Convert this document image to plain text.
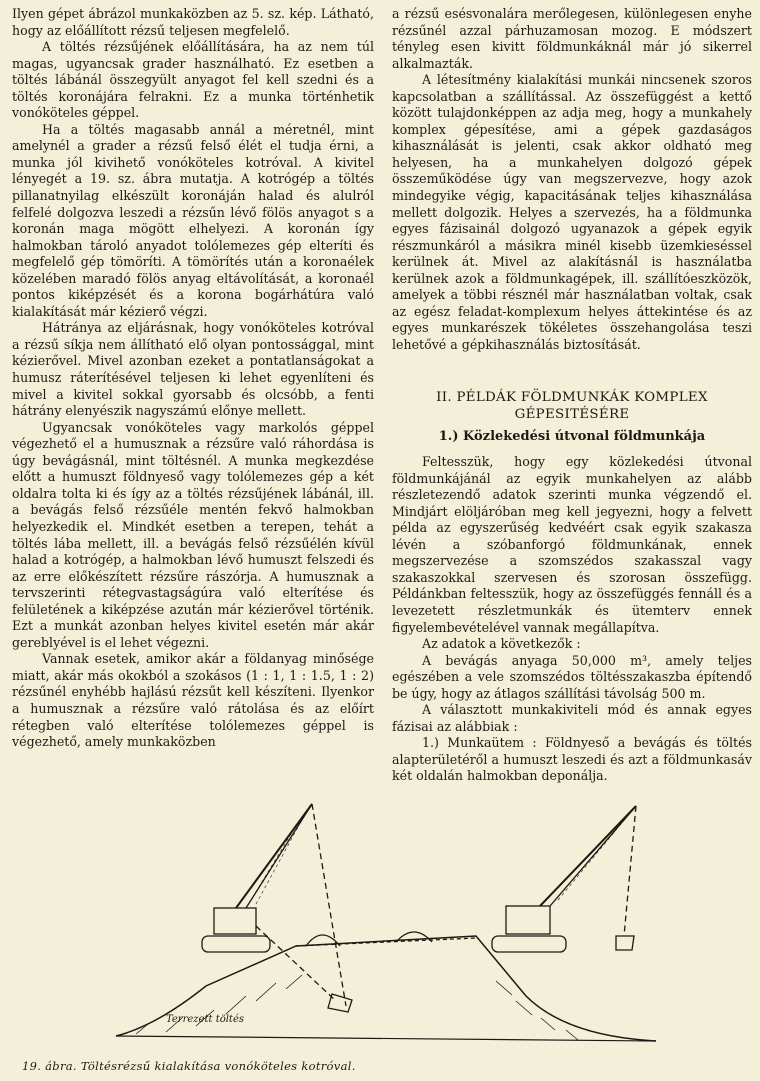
Ilyen gépet ábrázol munkaközben az 5. sz. kép. Látható, hogy az előállított rézsű teljesen megfelelő.

A töltés rézsűjének előállítására, ha az nem túl magas, ugyancsak grader használható. Ez esetben a töltés lábánál összegyült anyagot fel kell szedni és a töltés koronájára felrakni. Ez a munka történhetik vonóköteles géppel.

Ha a töltés magasabb annál a méretnél, mint amelynél a grader a rézsű felső élét el tudja érni, a munka jól kivihető vonóköteles kotróval. A kivitel lényegét a 19. sz. ábra mutatja. A kotrógép a töltés pillanatnyilag elkészült koronáján halad és alulról felfelé dolgozva leszedi a rézsűn lévő fölös anyagot s a koronán maga mögött elhelyezi. A koronán így halmokban tároló anyadot tolólemezes gép elteríti és megfelelő gép tömöríti. A tömörítés után a koronaélek közelében maradó fölös anyag eltávolítását, a koronaél pontos kiképzését és a korona bogárhátúra való kialakítását már kézierő végzi.

Hátránya az eljárásnak, hogy vonóköteles kotróval a rézsű síkja nem állítható elő olyan pontossággal, mint kézierővel. Mivel azonban ezeket a pontatlanságokat a humusz ráterítésével teljesen ki lehet egyenlíteni és mivel a kivitel sokkal gyorsabb és olcsóbb, a fenti hátrány elenyészik nagyszámú előnye mellett.

Ugyancsak vonóköteles vagy markolós géppel végezhető el a humusznak a rézsűre való ráhordása is úgy bevágásnál, mint töltésnél. A munka megkezdése előtt a humuszt földnyeső vagy tolólemezes gép a két oldalra tolta ki és így az a töltés rézsűjének lábánál, ill. a bevágás felső rézsűéle mentén fekvő halmokban helyezkedik el. Mindkét esetben a terepen, tehát a töltés lába mellett, ill. a bevágás felső rézsűélén kívül halad a kotrógép, a halmokban lévő humuszt felszedi és az erre előkészített rézsűre rászórja. A humusznak a tervszerinti rétegvastagságúra való elterítése és felületének a kiképzése azután már kézierővel történik. Ezt a munkát azonban helyes kivitel esetén már akár gereblyével is el lehet végezni.

Vannak esetek, amikor akár a földanyag minősége miatt, akár más okokból a szokásos (1 : 1, 1 : 1.5, 1 : 2) rézsűnél enyhébb hajlású rézsűt kell készíteni. Ilyenkor a humusznak a rézsűre való rátolása és az előírt rétegben való elterítése tolólemezes géppel is végezhető, amely munkaközben

a rézsű esésvonalára merőlegesen, különlegesen enyhe rézsűnél azzal párhuzamosan mozog. E módszert tényleg esen kivitt földmunkáknál már jó sikerrel alkalmazták.

A létesítmény kialakítási munkái nincsenek szoros kapcsolatban a szállítással. Az összefüggést a kettő között tulajdonképpen az adja meg, hogy a munkahely komplex gépesítése, ami a gépek gazdaságos kihasználását is jelenti, csak akkor oldható meg helyesen, ha a munkahelyen dolgozó gépek összeműködése úgy van megszervezve, hogy azok mindegyike végig, kapacitásának teljes kihasználása mellett dolgozik. Helyes a szervezés, ha a földmunka egyes fázisainál dolgozó ugyanazok a gépek egyik részmunkáról a másikra minél kisebb üzemkieséssel kerülnek át. Mivel az alakításnál is használatba kerülnek azok a földmunkagépek, ill. szállítóeszközök, amelyek a többi résznél már használatban voltak, csak az egész feladat-komplexum helyes áttekintése és az egyes munkarészek tökéletes összehangolása teszi lehetővé a gépkihasználás biztosítását.

II. PÉLDÁK FÖLDMUNKÁK KOMPLEX GÉPESITÉSÉRE
1.) Közlekedési útvonal földmunkája

Feltesszük, hogy egy közlekedési útvonal földmunkájánál az egyik munkahelyen az alább részletezendő adatok szerinti munka végzendő el. Mindjárt elöljáróban meg kell jegyezni, hogy a felvett példa az egyszerűség kedvéért csak egyik szakasza lévén a szóbanforgó földmunkának, ennek megszervezése a szomszédos szakasszal vagy szakaszokkal szervesen és szorosan összefügg. Példánkban feltesszük, hogy az összefüggés fennáll és a levezetett részletmunkák és ütemterv ennek figyelembevételével vannak megállapítva.

Az adatok a következők :

A bevágás anyaga 50,000 m³, amely teljes egészében a vele szomszédos töltésszakaszba építendő be úgy, hogy az átlagos szállítási távolság 500 m.

A választott munkakiviteli mód és annak egyes fázisai az alábbiak :

1.) Munkaütem : Földnyeső a bevágás és töltés alapterületéről a humuszt leszedi és azt a földmunkasáv két oldalán halmokban deponálja.

Terrezett töltés
19. ábra. Töltésrézsű kialakítása vonóköteles kotróval.
